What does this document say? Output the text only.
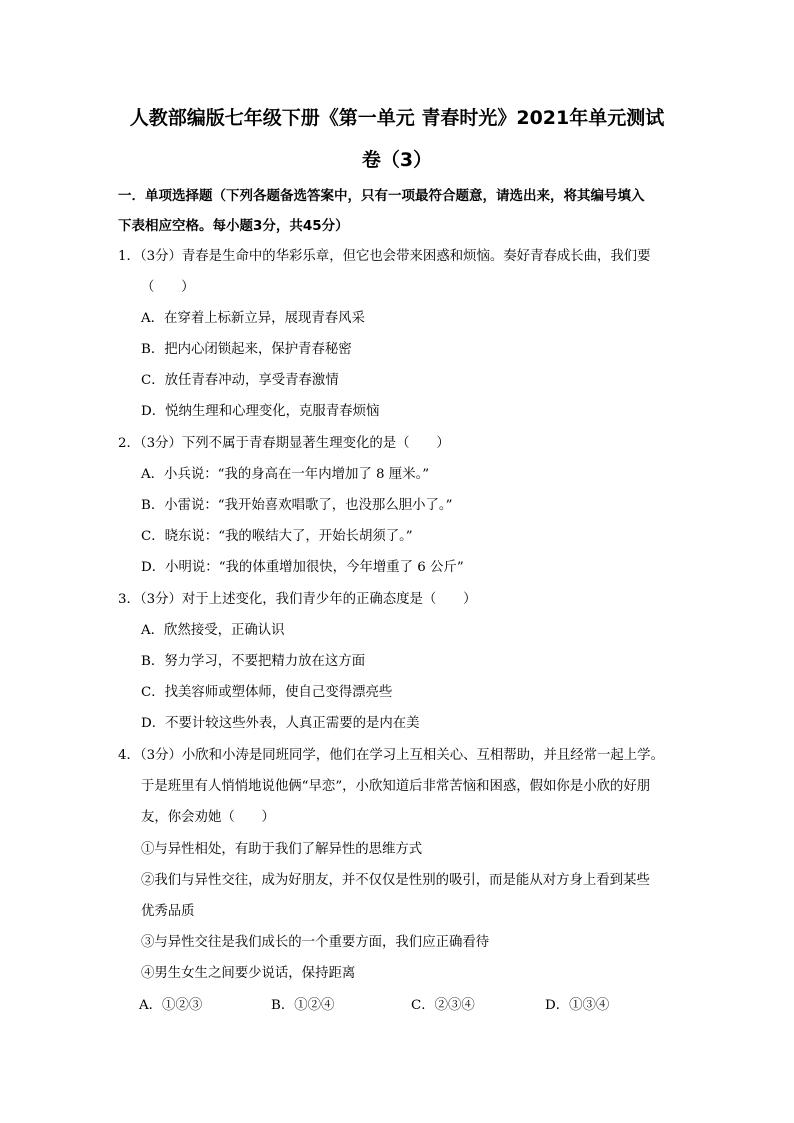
人教部编版七年级下册《第一单元 青春时光》2021年单元测试
卷（3）
一．单项选择题（下列各题备选答案中，只有一项最符合题意，请选出来，将其编号填入
下表相应空格。每小题3分，共45分）
1．（3分）青春是生命中的华彩乐章，但它也会带来困惑和烦恼。奏好青春成长曲，我们要
（　　）
A．在穿着上标新立异，展现青春风采
B．把内心闭锁起来，保护青春秘密
C．放任青春冲动，享受青春激情
D．悦纳生理和心理变化，克服青春烦恼
2．（3分）下列不属于青春期显著生理变化的是（　　）
A．小兵说：“我的身高在一年内增加了 8 厘米。”
B．小雷说：“我开始喜欢唱歌了，也没那么胆小了。”
C．晓东说：“我的喉结大了，开始长胡须了。”
D．小明说：“我的体重增加很快，今年增重了 6 公斤”
3．（3分）对于上述变化，我们青少年的正确态度是（　　）
A．欣然接受，正确认识
B．努力学习，不要把精力放在这方面
C．找美容师或塑体师，使自己变得漂亮些
D．不要计较这些外表，人真正需要的是内在美
4．（3分）小欣和小涛是同班同学，他们在学习上互相关心、互相帮助，并且经常一起上学。
于是班里有人悄悄地说他俩“早恋”，小欣知道后非常苦恼和困惑，假如你是小欣的好朋
友，你会劝她（　　）
①与异性相处，有助于我们了解异性的思维方式
②我们与异性交往，成为好朋友，并不仅仅是性别的吸引，而是能从对方身上看到某些
优秀品质
③与异性交往是我们成长的一个重要方面，我们应正确看待
④男生女生之间要少说话，保持距离
A．①②③	B．①②④	C．②③④	D．①③④
